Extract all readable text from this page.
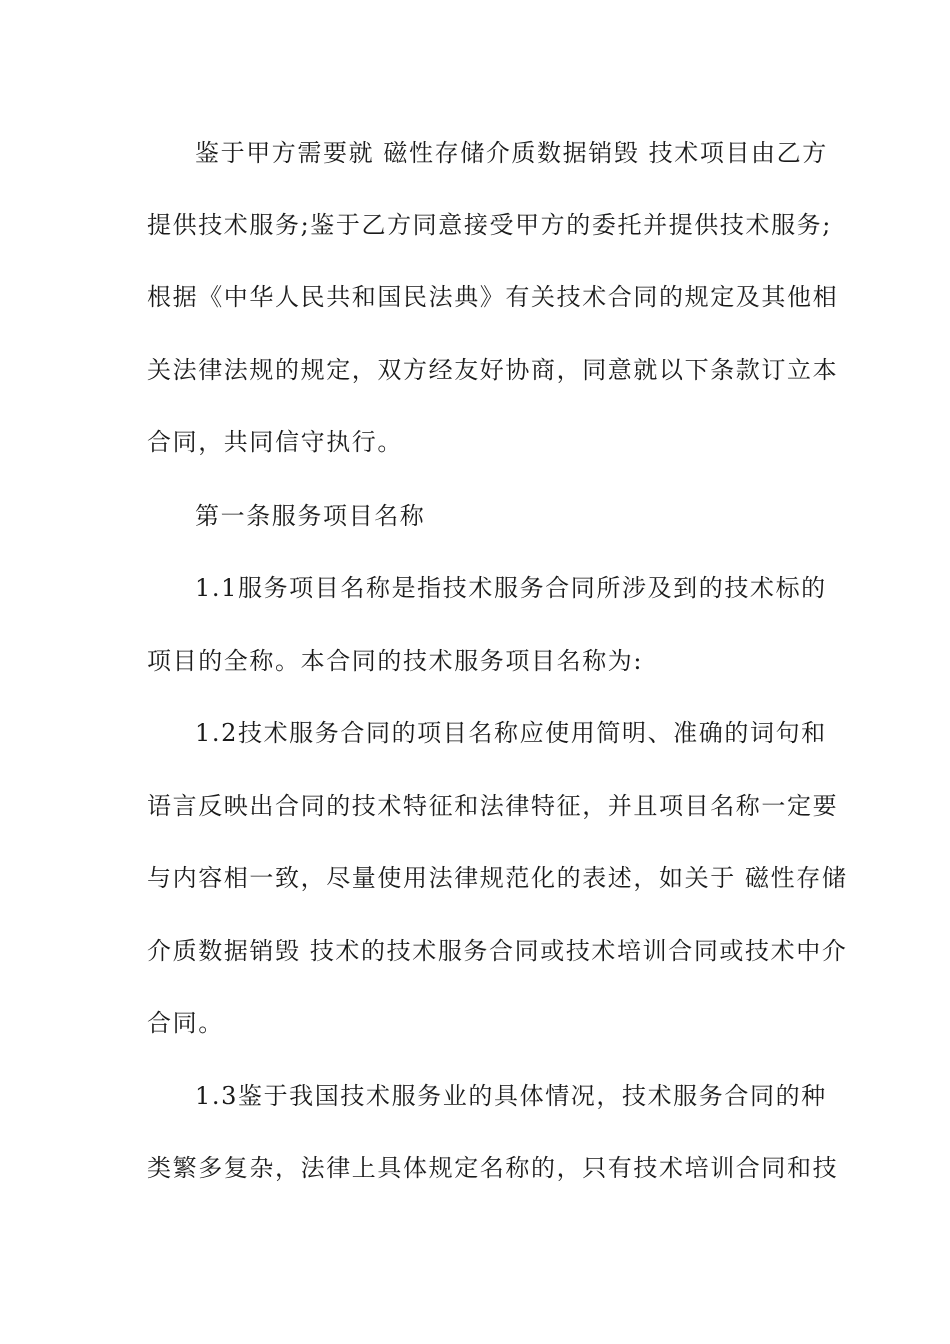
鉴于甲方需要就 磁性存储介质数据销毁 技术项目由乙方
提供技术服务;鉴于乙方同意接受甲方的委托并提供技术服务;
根据《中华人民共和国民法典》有关技术合同的规定及其他相
关法律法规的规定，双方经友好协商，同意就以下条款订立本
合同，共同信守执行。
第一条服务项目名称
1.1服务项目名称是指技术服务合同所涉及到的技术标的
项目的全称。本合同的技术服务项目名称为:
1.2技术服务合同的项目名称应使用简明、准确的词句和
语言反映出合同的技术特征和法律特征，并且项目名称一定要
与内容相一致，尽量使用法律规范化的表述，如关于 磁性存储
介质数据销毁 技术的技术服务合同或技术培训合同或技术中介
合同。
1.3鉴于我国技术服务业的具体情况，技术服务合同的种
类繁多复杂，法律上具体规定名称的，只有技术培训合同和技
